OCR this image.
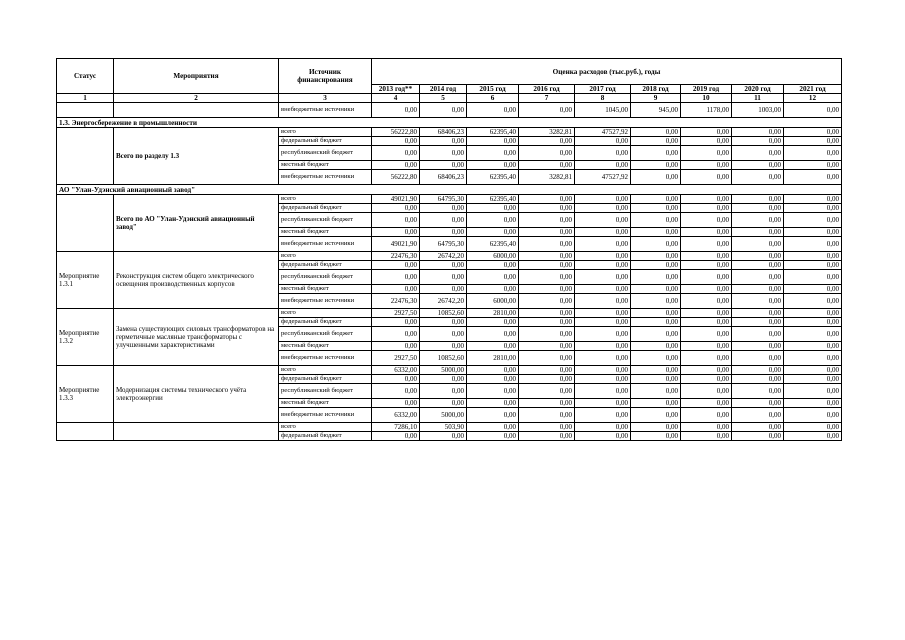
Статус	Мероприятия	Источник финансирования	Оценка расходов (тыс.руб.), годы								
			2013 год**	2014 год	2015 год	2016 год	2017 год	2018 год	2019 год	2020 год	2021 год
1	2	3	4	5	6	7	8	9	10	11	12
		внебюджетные источники	0,00	0,00	0,00	0,00	1045,00	945,00	1178,00	1003,00	0,00
1.3. Энергосбережение в промышленности											
	Всего по разделу 1.3	всего	56222,80	68406,23	62395,40	3282,81	47527,92	0,00	0,00	0,00	0,00
		федеральный бюджет	0,00	0,00	0,00	0,00	0,00	0,00	0,00	0,00	0,00
		республиканский бюджет	0,00	0,00	0,00	0,00	0,00	0,00	0,00	0,00	0,00
		местный бюджет	0,00	0,00	0,00	0,00	0,00	0,00	0,00	0,00	0,00
		внебюджетные источники	56222,80	68406,23	62395,40	3282,81	47527,92	0,00	0,00	0,00	0,00
АО "Улан-Удэнский авиационный завод"											
	Всего по АО "Улан-Удэнский авиационный завод"	всего	49021,90	64795,30	62395,40	0,00	0,00	0,00	0,00	0,00	0,00
		федеральный бюджет	0,00	0,00	0,00	0,00	0,00	0,00	0,00	0,00	0,00
		республиканский бюджет	0,00	0,00	0,00	0,00	0,00	0,00	0,00	0,00	0,00
		местный бюджет	0,00	0,00	0,00	0,00	0,00	0,00	0,00	0,00	0,00
		внебюджетные источники	49021,90	64795,30	62395,40	0,00	0,00	0,00	0,00	0,00	0,00
Мероприятие 1.3.1	Реконструкция систем общего электрического освещения производственных корпусов	всего	22476,30	26742,20	6000,00	0,00	0,00	0,00	0,00	0,00	0,00
		федеральный бюджет	0,00	0,00	0,00	0,00	0,00	0,00	0,00	0,00	0,00
		республиканский бюджет	0,00	0,00	0,00	0,00	0,00	0,00	0,00	0,00	0,00
		местный бюджет	0,00	0,00	0,00	0,00	0,00	0,00	0,00	0,00	0,00
		внебюджетные источники	22476,30	26742,20	6000,00	0,00	0,00	0,00	0,00	0,00	0,00
Мероприятие 1.3.2	Замена существующих силовых трансформаторов на герметичные масляные трансформаторы с улучшенными характеристиками	всего	2927,50	10852,60	2810,00	0,00	0,00	0,00	0,00	0,00	0,00
		федеральный бюджет	0,00	0,00	0,00	0,00	0,00	0,00	0,00	0,00	0,00
		республиканский бюджет	0,00	0,00	0,00	0,00	0,00	0,00	0,00	0,00	0,00
		местный бюджет	0,00	0,00	0,00	0,00	0,00	0,00	0,00	0,00	0,00
		внебюджетные источники	2927,50	10852,60	2810,00	0,00	0,00	0,00	0,00	0,00	0,00
Мероприятие 1.3.3	Модернизация системы технического учёта электроэнергии	всего	6332,00	5000,00	0,00	0,00	0,00	0,00	0,00	0,00	0,00
		федеральный бюджет	0,00	0,00	0,00	0,00	0,00	0,00	0,00	0,00	0,00
		республиканский бюджет	0,00	0,00	0,00	0,00	0,00	0,00	0,00	0,00	0,00
		местный бюджет	0,00	0,00	0,00	0,00	0,00	0,00	0,00	0,00	0,00
		внебюджетные источники	6332,00	5000,00	0,00	0,00	0,00	0,00	0,00	0,00	0,00
		всего	7286,10	503,90	0,00	0,00	0,00	0,00	0,00	0,00	0,00
		федеральный бюджет	0,00	0,00	0,00	0,00	0,00	0,00	0,00	0,00	0,00
